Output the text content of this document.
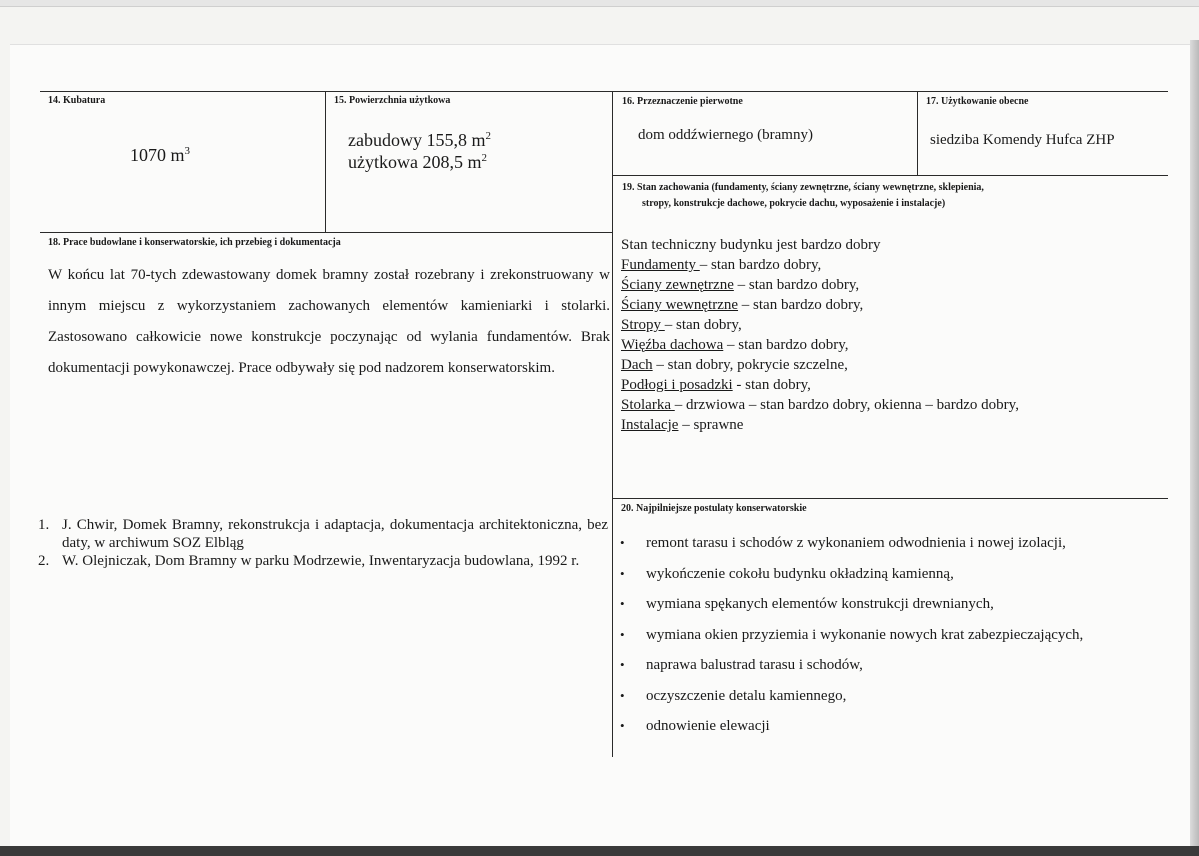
14. Kubatura
1070 $m^3$
15. Powierzchnia użytkowa
zabudowy 155,8 $m^2$
użytkowa 208,5 $m^2$
16. Przeznaczenie pierwotne
dom oddźwiernego (bramny)
17. Użytkowanie obecne
siedziba Komendy Hufca ZHP
19. Stan zachowania (fundamenty, ściany zewnętrzne, ściany wewnętrzne, sklepienia,
stropy, konstrukcje dachowe, pokrycie dachu, wyposażenie i instalacje)
Stan techniczny budynku jest bardzo dobry
Fundamenty – stan bardzo dobry,
Ściany zewnętrzne – stan bardzo dobry,
Ściany wewnętrzne – stan bardzo dobry,
Stropy – stan dobry,
Więźba dachowa – stan bardzo dobry,
Dach – stan dobry, pokrycie szczelne,
Podłogi i posadzki - stan dobry,
Stolarka – drzwiowa – stan bardzo dobry, okienna – bardzo dobry,
Instalacje – sprawne
18. Prace budowlane i konserwatorskie, ich przebieg i dokumentacja
W końcu lat 70-tych zdewastowany domek bramny został rozebrany i zrekonstruowany w innym miejscu z wykorzystaniem zachowanych elementów kamieniarki i stolarki. Zastosowano całkowicie nowe konstrukcje poczynając od wylania fundamentów. Brak dokumentacji powykonawczej. Prace odbywały się pod nadzorem konserwatorskim.
1. J. Chwir, Domek Bramny, rekonstrukcja i adaptacja, dokumentacja architektoniczna, bez daty, w archiwum SOZ Elbląg
2. W. Olejniczak, Dom Bramny w parku Modrzewie, Inwentaryzacja budowlana, 1992 r.
20. Najpilniejsze postulaty konserwatorskie
• remont tarasu i schodów z wykonaniem odwodnienia i nowej izolacji,
• wykończenie cokołu budynku okładziną kamienną,
• wymiana spękanych elementów konstrukcji drewnianych,
• wymiana okien przyziemia i wykonanie nowych krat zabezpieczających,
• naprawa balustrad tarasu i schodów,
• oczyszczenie detalu kamiennego,
• odnowienie elewacji
